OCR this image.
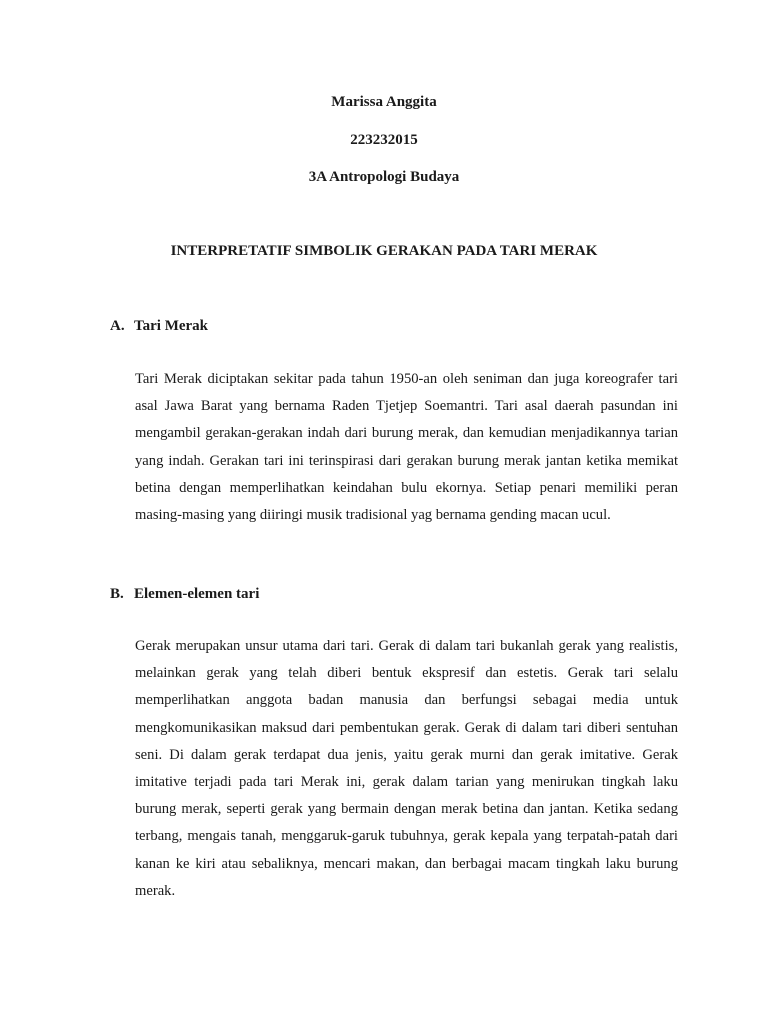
Marissa Anggita
223232015
3A Antropologi Budaya
INTERPRETATIF SIMBOLIK GERAKAN PADA TARI MERAK
A. Tari Merak
Tari Merak diciptakan sekitar pada tahun 1950-an oleh seniman dan juga koreografer tari
asal Jawa Barat yang bernama Raden Tjetjep Soemantri. Tari asal daerah pasundan ini
mengambil gerakan-gerakan indah dari burung merak, dan kemudian menjadikannya tarian
yang indah. Gerakan tari ini terinspirasi dari gerakan burung merak jantan ketika memikat
betina dengan memperlihatkan keindahan bulu ekornya. Setiap penari memiliki peran
masing-masing yang diiringi musik tradisional yag bernama gending macan ucul.
B. Elemen-elemen tari
Gerak merupakan unsur utama dari tari. Gerak di dalam tari bukanlah gerak yang realistis,
melainkan gerak yang telah diberi bentuk ekspresif dan estetis. Gerak tari selalu
memperlihatkan anggota badan manusia dan berfungsi sebagai media untuk
mengkomunikasikan maksud dari pembentukan gerak. Gerak di dalam tari diberi sentuhan
seni. Di dalam gerak terdapat dua jenis, yaitu gerak murni dan gerak imitative. Gerak
imitative terjadi pada tari Merak ini, gerak dalam tarian yang menirukan tingkah laku
burung merak, seperti gerak yang bermain dengan merak betina dan jantan. Ketika sedang
terbang, mengais tanah, menggaruk-garuk tubuhnya, gerak kepala yang terpatah-patah dari
kanan ke kiri atau sebaliknya, mencari makan, dan berbagai macam tingkah laku burung
merak.
